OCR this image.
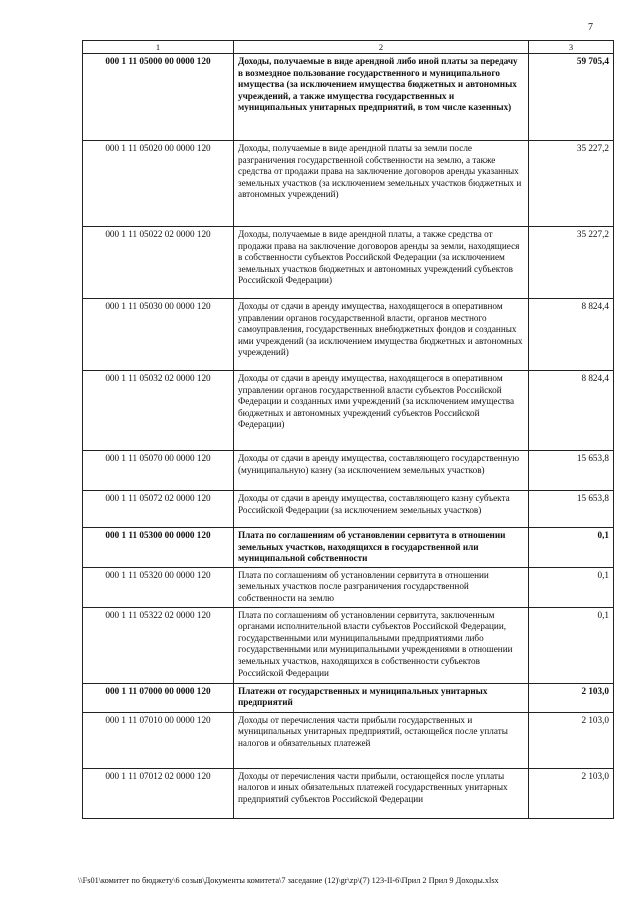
7
1	2	3
000 1 11 05000 00 0000 120	Доходы, получаемые в виде арендной либо иной платы за передачу в возмездное пользование государственного и муниципального имущества (за исключением имущества бюджетных и автономных учреждений, а также имущества государственных и муниципальных унитарных предприятий, в том числе казенных)	59 705,4
000 1 11 05020 00 0000 120	Доходы, получаемые в виде арендной платы за земли после разграничения государственной собственности на землю, а также средства от продажи права на заключение договоров аренды указанных земельных участков (за исключением земельных участков бюджетных и автономных учреждений)	35 227,2
000 1 11 05022 02 0000 120	Доходы, получаемые в виде арендной платы, а также средства от продажи права на заключение договоров аренды за земли, находящиеся в собственности субъектов Российской Федерации (за исключением земельных участков бюджетных и автономных учреждений субъектов Российской Федерации)	35 227,2
000 1 11 05030 00 0000 120	Доходы от сдачи в аренду имущества, находящегося в оперативном управлении органов государственной власти, органов местного самоуправления, государственных внебюджетных фондов и созданных ими учреждений (за исключением имущества бюджетных и автономных учреждений)	8 824,4
000 1 11 05032 02 0000 120	Доходы от сдачи в аренду имущества, находящегося в оперативном управлении органов государственной власти субъектов Российской Федерации и созданных ими учреждений (за исключением имущества бюджетных и автономных учреждений субъектов Российской Федерации)	8 824,4
000 1 11 05070 00 0000 120	Доходы от сдачи в аренду имущества, составляющего государственную (муниципальную) казну (за исключением земельных участков)	15 653,8
000 1 11 05072 02 0000 120	Доходы от сдачи в аренду имущества, составляющего казну субъекта Российской Федерации (за исключением земельных участков)	15 653,8
000 1 11 05300 00 0000 120	Плата по соглашениям об установлении сервитута в отношении земельных участков, находящихся в государственной или муниципальной собственности	0,1
000 1 11 05320 00 0000 120	Плата по соглашениям об установлении сервитута в отношении земельных участков после разграничения государственной собственности на землю	0,1
000 1 11 05322 02 0000 120	Плата по соглашениям об установлении сервитута, заключенным органами исполнительной власти субъектов Российской Федерации, государственными или муниципальными предприятиями либо государственными или муниципальными учреждениями в отношении земельных участков, находящихся в собственности субъектов Российской Федерации	0,1
000 1 11 07000 00 0000 120	Платежи от государственных и муниципальных унитарных предприятий	2 103,0
000 1 11 07010 00 0000 120	Доходы от перечисления части прибыли государственных и муниципальных унитарных предприятий, остающейся после уплаты налогов и обязательных платежей	2 103,0
000 1 11 07012 02 0000 120	Доходы от перечисления части прибыли, остающейся после уплаты налогов и иных обязательных платежей государственных унитарных предприятий субъектов Российской Федерации	2 103,0
\\Fs01\комитет по бюджету\6 созыв\Документы комитета\7 заседание (12)\gr\zp\(7) 123-II-6\Прил 2 Прил 9 Доходы.xlsx
